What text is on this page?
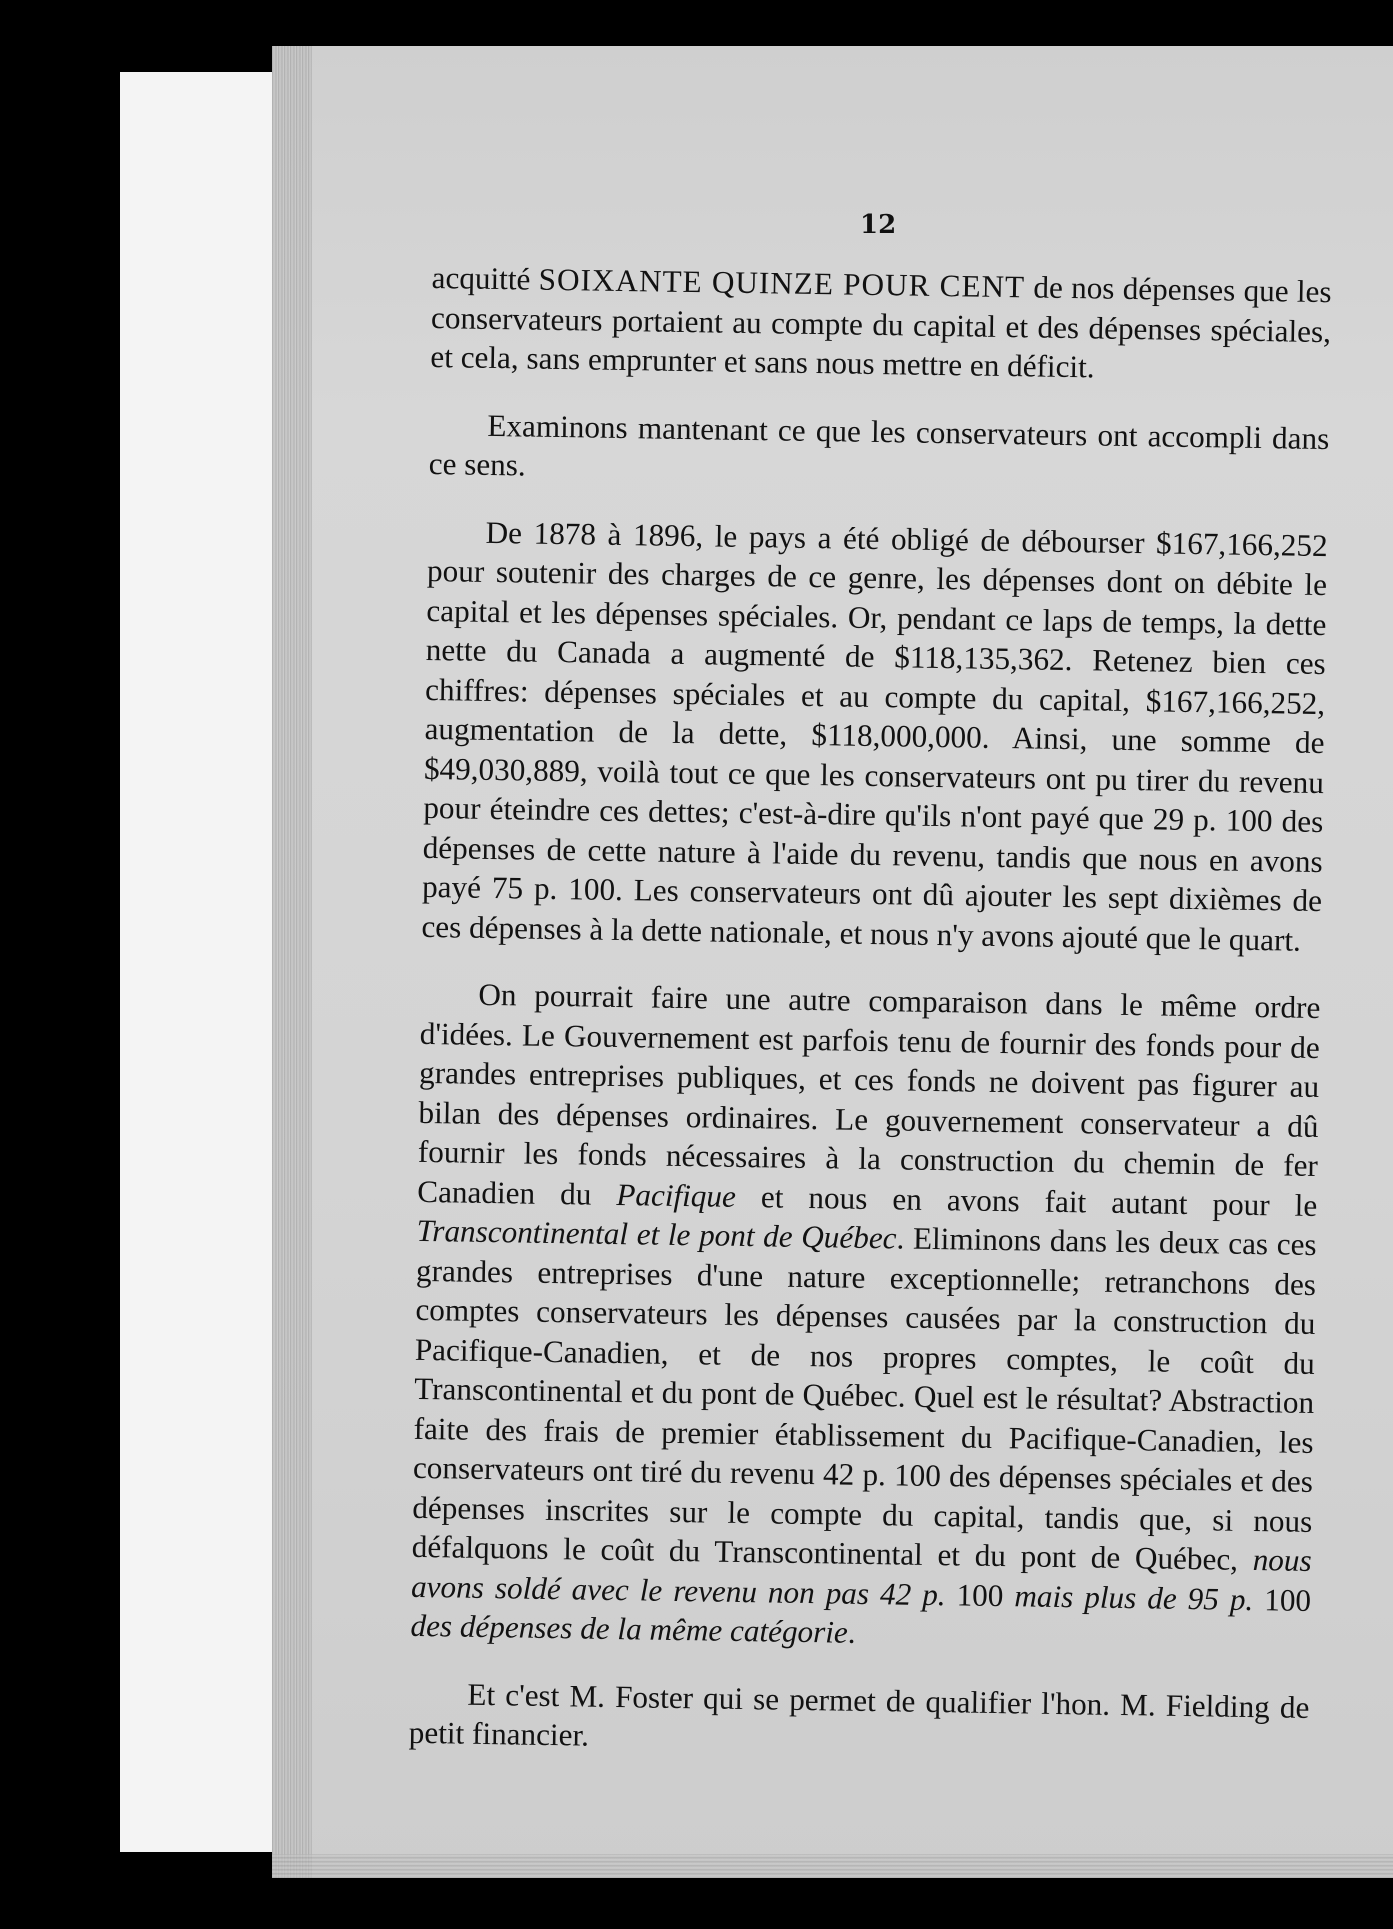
12

acquitté SOIXANTE QUINZE POUR CENT de nos dépenses que les conservateurs portaient au compte du capital et des dépenses spéciales, et cela, sans emprunter et sans nous mettre en déficit.

Examinons mantenant ce que les conservateurs ont accompli dans ce sens.

De 1878 à 1896, le pays a été obligé de débourser $167,166,252 pour soutenir des charges de ce genre, les dépenses dont on débite le capital et les dépenses spéciales. Or, pendant ce laps de temps, la dette nette du Canada a augmenté de $118,135,362. Retenez bien ces chiffres: dépenses spéciales et au compte du capital, $167,166,252, augmentation de la dette, $118,000,000. Ainsi, une somme de $49,030,889, voilà tout ce que les conservateurs ont pu tirer du revenu pour éteindre ces dettes; c'est-à-dire qu'ils n'ont payé que 29 p. 100 des dépenses de cette nature à l'aide du revenu, tandis que nous en avons payé 75 p. 100. Les conservateurs ont dû ajouter les sept dixièmes de ces dépenses à la dette nationale, et nous n'y avons ajouté que le quart.

On pourrait faire une autre comparaison dans le même ordre d'idées. Le Gouvernement est parfois tenu de fournir des fonds pour de grandes entreprises publiques, et ces fonds ne doivent pas figurer au bilan des dépenses ordinaires. Le gouvernement conservateur a dû fournir les fonds nécessaires à la construction du chemin de fer Canadien du Pacifique et nous en avons fait autant pour le Transcontinental et le pont de Québec. Eliminons dans les deux cas ces grandes entreprises d'une nature exceptionnelle; retranchons des comptes conservateurs les dépenses causées par la construction du Pacifique-Canadien, et de nos propres comptes, le coût du Transcontinental et du pont de Québec. Quel est le résultat? Abstraction faite des frais de premier établissement du Pacifique-Canadien, les conservateurs ont tiré du revenu 42 p. 100 des dépenses spéciales et des dépenses inscrites sur le compte du capital, tandis que, si nous défalquons le coût du Transcontinental et du pont de Québec, nous avons soldé avec le revenu non pas 42 p. 100 mais plus de 95 p. 100 des dépenses de la même catégorie.

Et c'est M. Foster qui se permet de qualifier l'hon. M. Fielding de petit financier.
